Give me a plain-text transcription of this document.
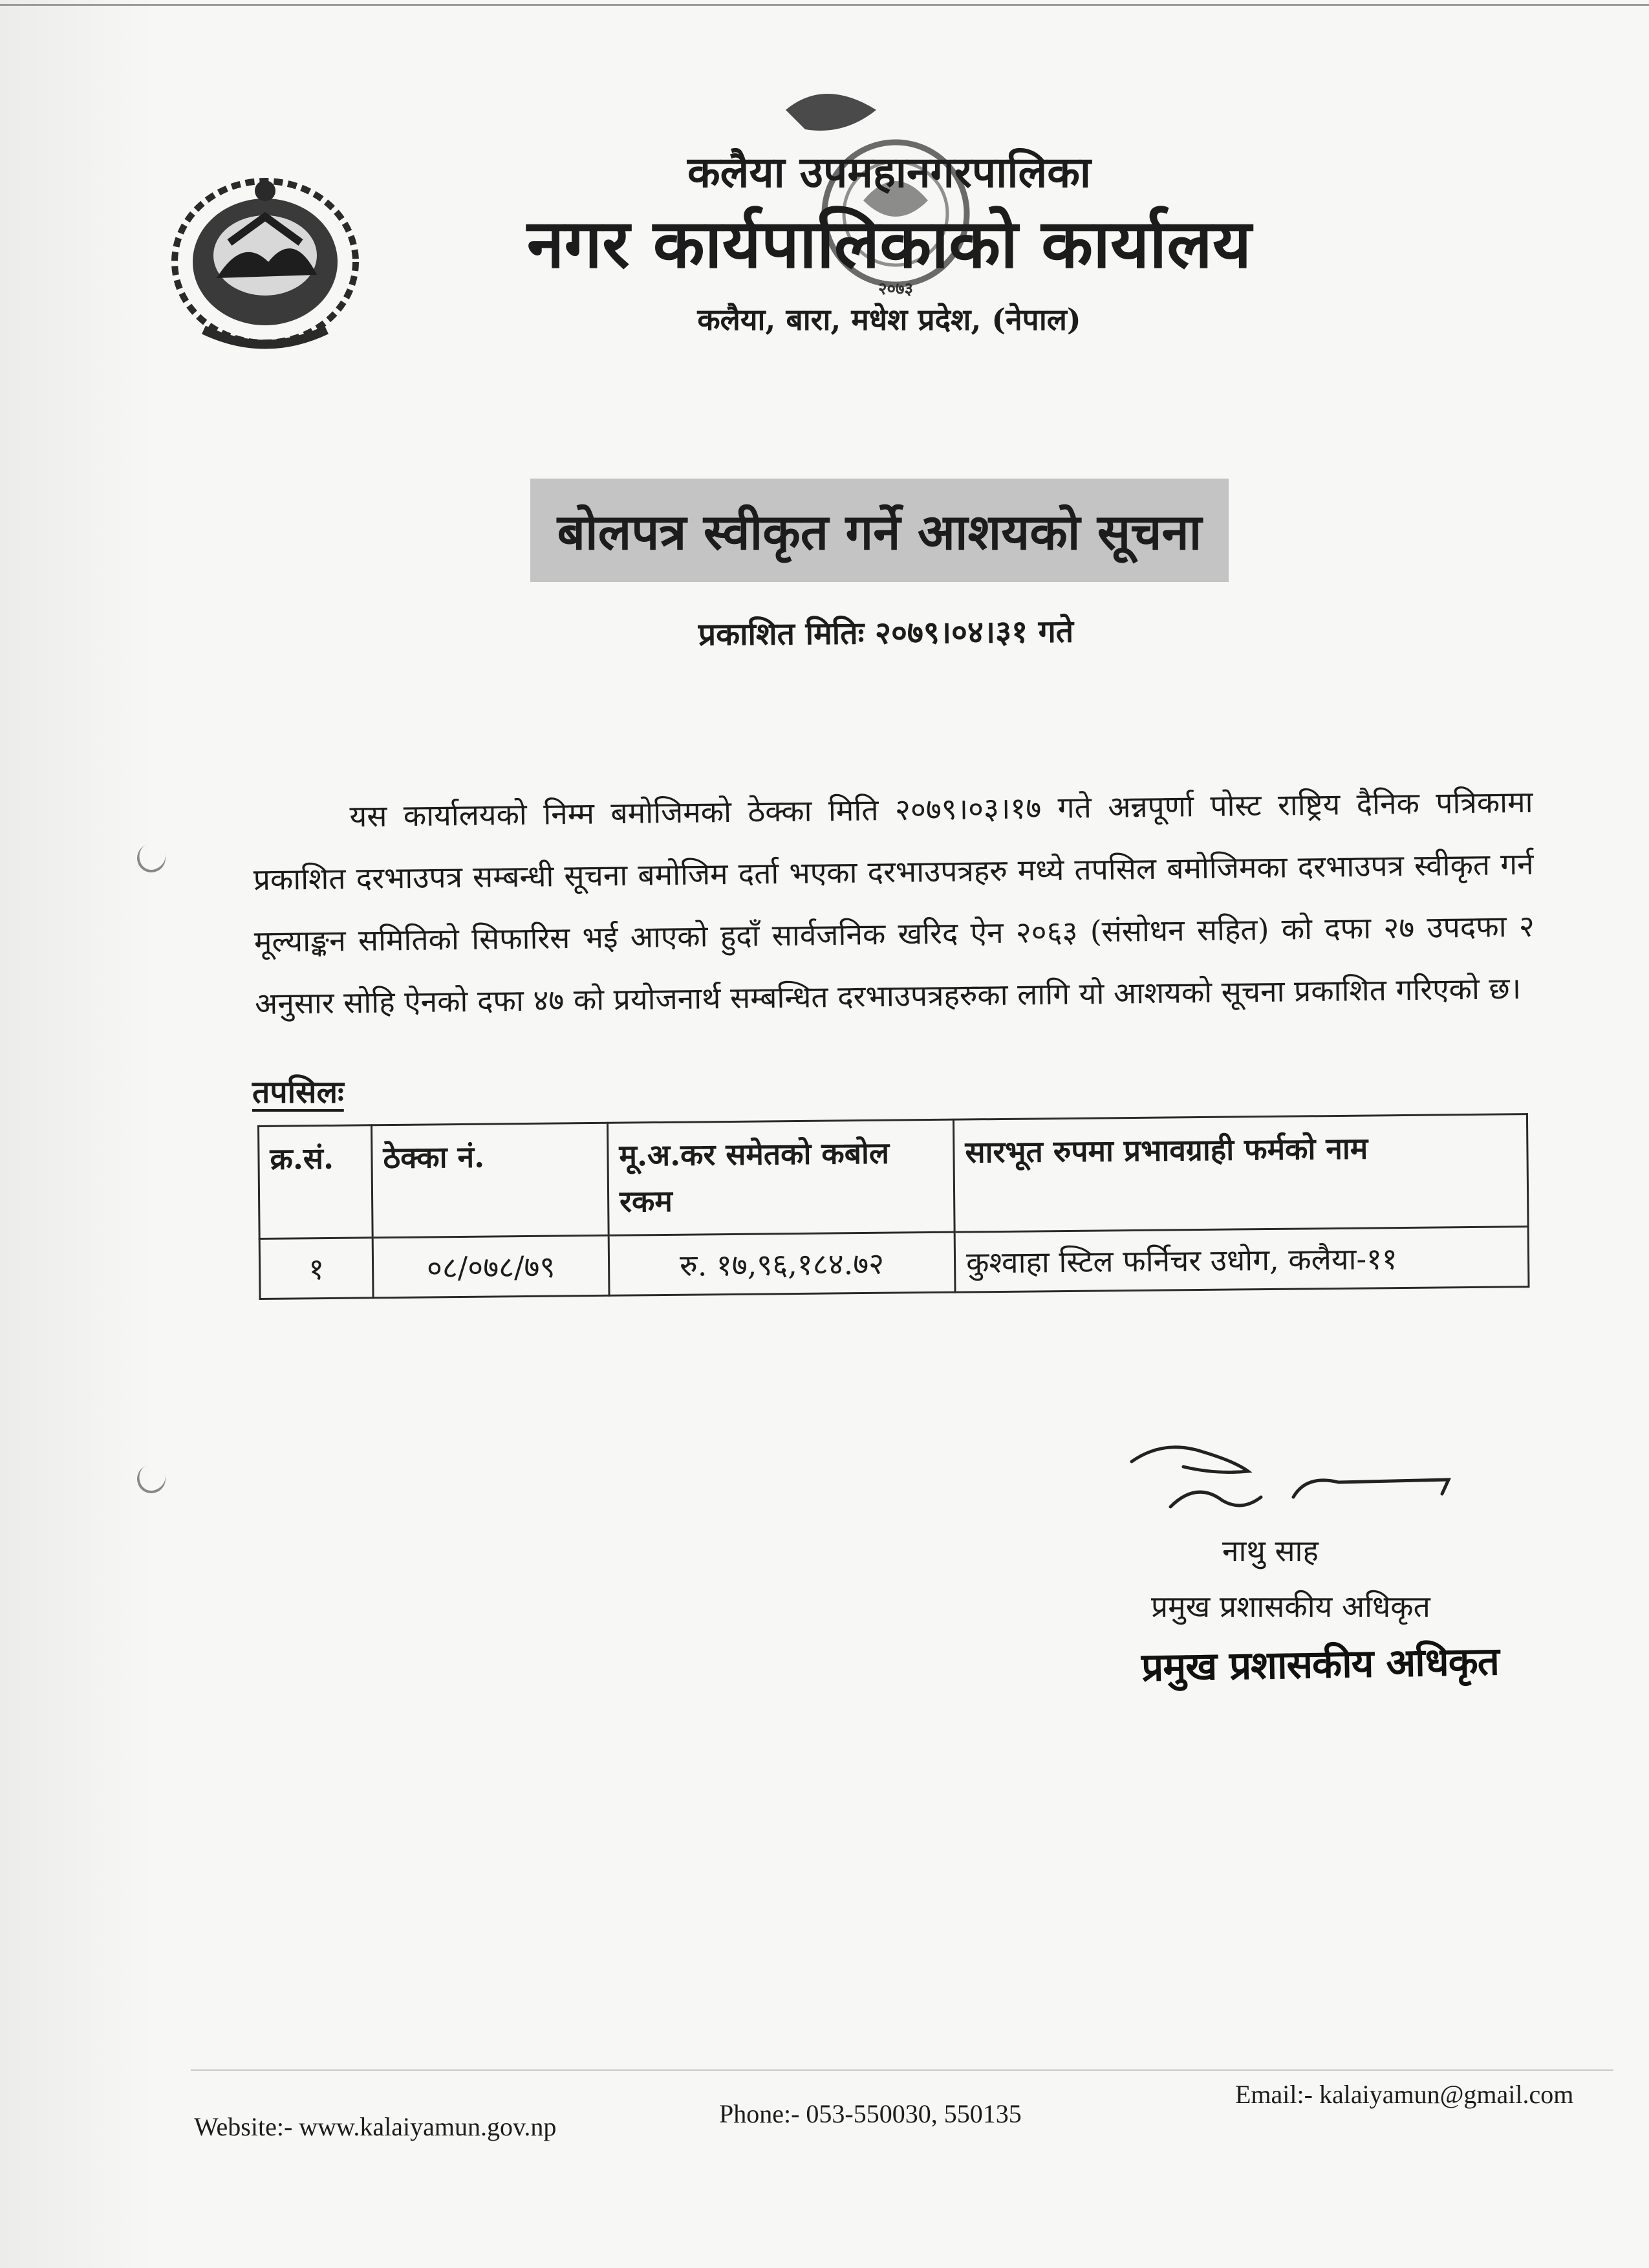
२०७३

कलैया उपमहानगरपालिका

नगर कार्यपालिकाको कार्यालय

कलैया, बारा, मधेश प्रदेश, (नेपाल)
बोलपत्र स्वीकृत गर्ने आशयको सूचना
प्रकाशित मितिः २०७९।०४।३१ गते

यस कार्यालयको निम्म बमोजिमको ठेक्का मिति २०७९।०३।१७ गते अन्नपूर्णा पोस्ट राष्ट्रिय दैनिक पत्रिकामा प्रकाशित दरभाउपत्र सम्बन्धी सूचना बमोजिम दर्ता भएका दरभाउपत्रहरु मध्ये तपसिल बमोजिमका दरभाउपत्र स्वीकृत गर्न मूल्याङ्कन समितिको सिफारिस भई आएको हुदाँ सार्वजनिक खरिद ऐन २०६३ (संसोधन सहित) को दफा २७ उपदफा २ अनुसार सोहि ऐनको दफा ४७ को प्रयोजनार्थ सम्बन्धित दरभाउपत्रहरुका लागि यो आशयको सूचना प्रकाशित गरिएको छ।

तपसिलः
क्र.सं.	ठेक्का नं.	मू.अ.कर समेतको कबोल रकम	सारभूत रुपमा प्रभावग्राही फर्मको नाम
१	०८/०७८/७९	रु. १७,९६,१८४.७२	कुश्वाहा स्टिल फर्निचर उधोग, कलैया-११
नाथु साह
प्रमुख प्रशासकीय अधिकृत
प्रमुख प्रशासकीय अधिकृत
Website:- www.kalaiyamun.gov.np	Phone:- 053-550030, 550135
Email:- kalaiyamun@gmail.com
